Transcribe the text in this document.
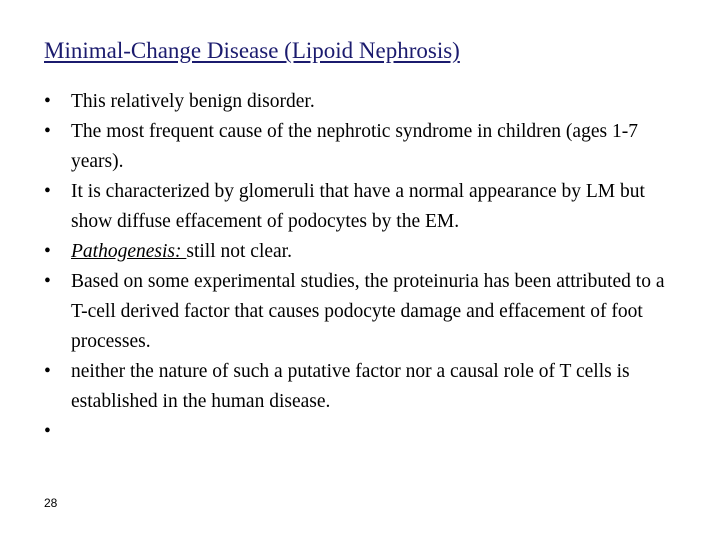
Minimal-Change Disease (Lipoid Nephrosis)
•	This relatively benign disorder.
•	The most frequent cause of the nephrotic syndrome in children (ages 1-7 years).
•	It is characterized by glomeruli that have a normal appearance by LM but show diffuse effacement of podocytes by the EM.
•	Pathogenesis: still not clear.
•	Based on some experimental studies, the proteinuria has been attributed to a T-cell derived factor that causes podocyte damage and effacement of foot processes.
•	neither the nature of such a putative factor nor a causal role of T cells is established in the human disease.
•
28
